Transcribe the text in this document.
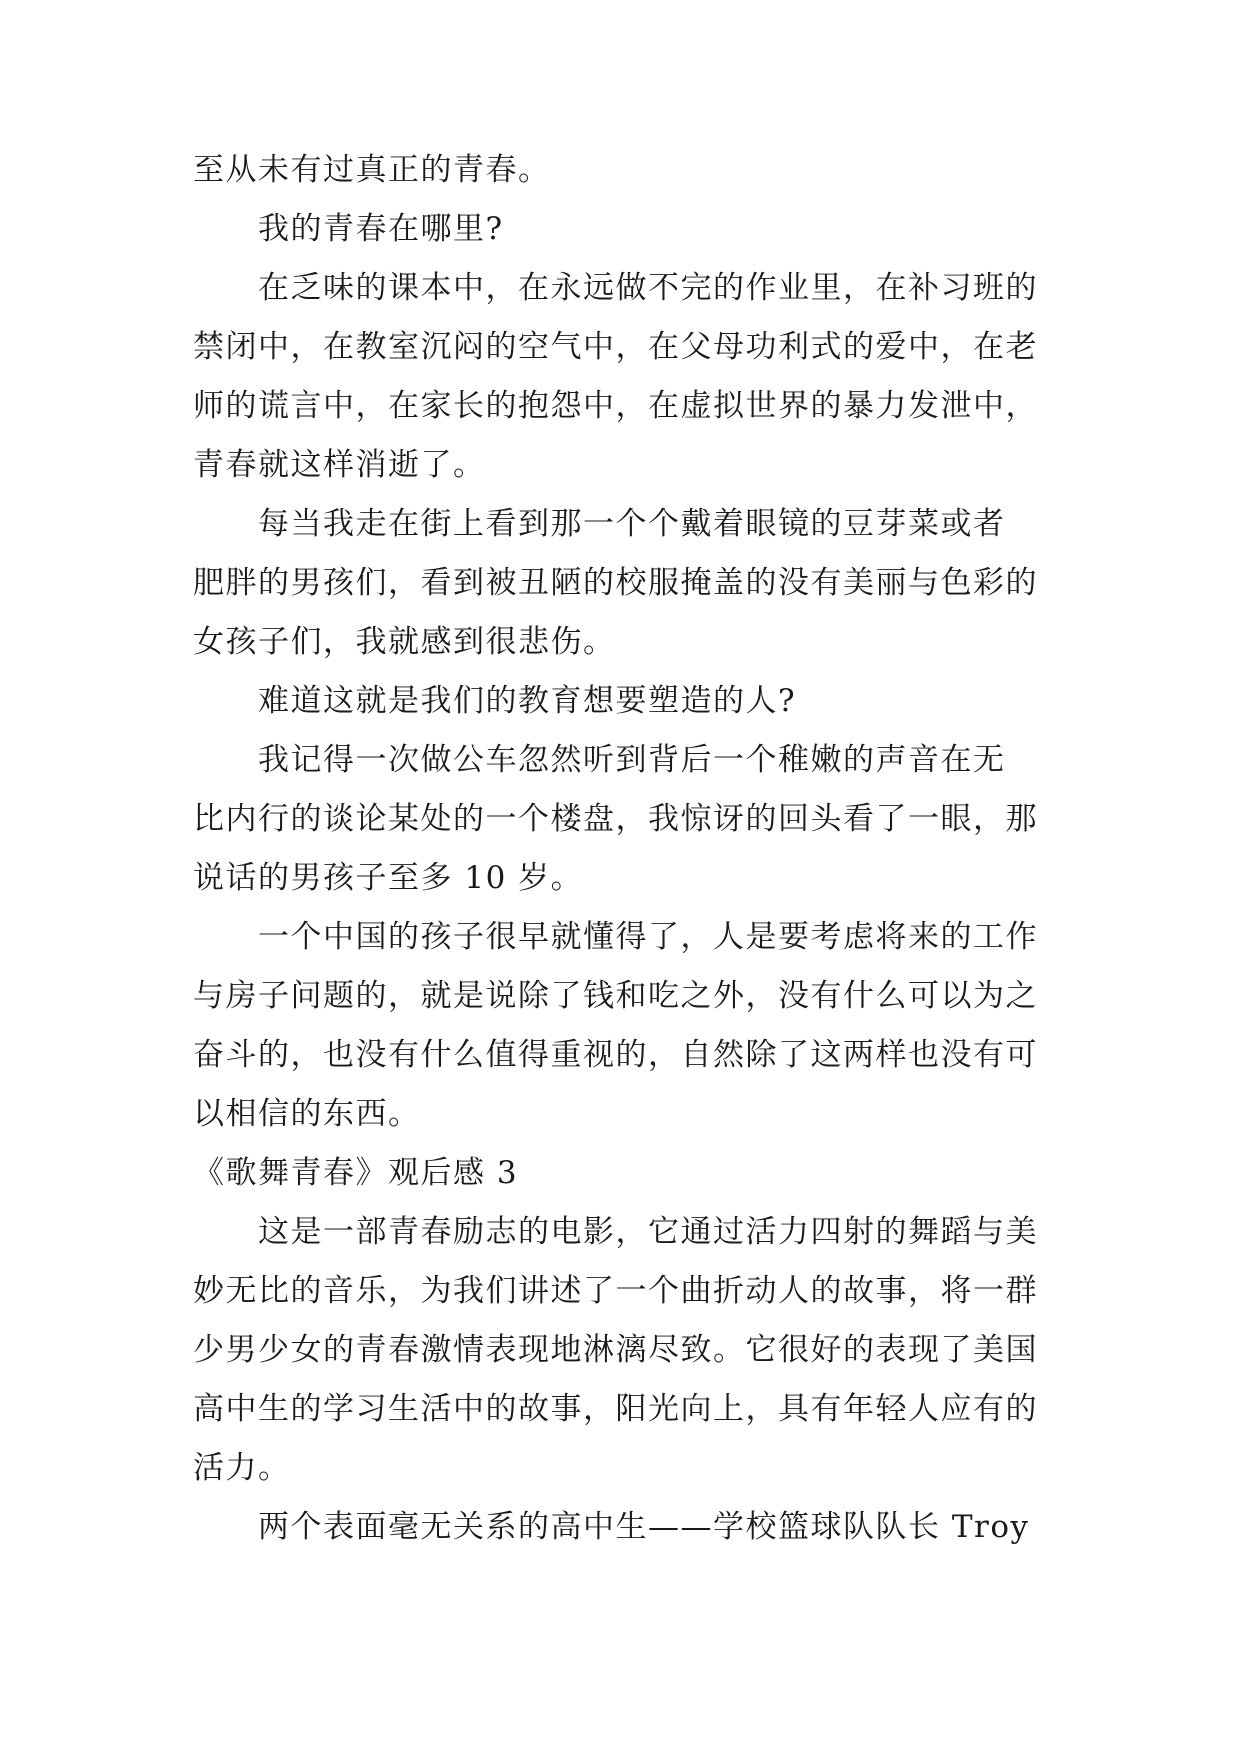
至从未有过真正的青春。
我的青春在哪里?
在乏味的课本中，在永远做不完的作业里，在补习班的
禁闭中，在教室沉闷的空气中，在父母功利式的爱中，在老
师的谎言中，在家长的抱怨中，在虚拟世界的暴力发泄中，
青春就这样消逝了。
每当我走在街上看到那一个个戴着眼镜的豆芽菜或者
肥胖的男孩们，看到被丑陋的校服掩盖的没有美丽与色彩的
女孩子们，我就感到很悲伤。
难道这就是我们的教育想要塑造的人?
我记得一次做公车忽然听到背后一个稚嫩的声音在无
比内行的谈论某处的一个楼盘，我惊讶的回头看了一眼，那
说话的男孩子至多 10 岁。
一个中国的孩子很早就懂得了，人是要考虑将来的工作
与房子问题的，就是说除了钱和吃之外，没有什么可以为之
奋斗的，也没有什么值得重视的，自然除了这两样也没有可
以相信的东西。
《歌舞青春》观后感 3
这是一部青春励志的电影，它通过活力四射的舞蹈与美
妙无比的音乐，为我们讲述了一个曲折动人的故事，将一群
少男少女的青春激情表现地淋漓尽致。它很好的表现了美国
高中生的学习生活中的故事，阳光向上，具有年轻人应有的
活力。
两个表面毫无关系的高中生——学校篮球队队长 Troy
